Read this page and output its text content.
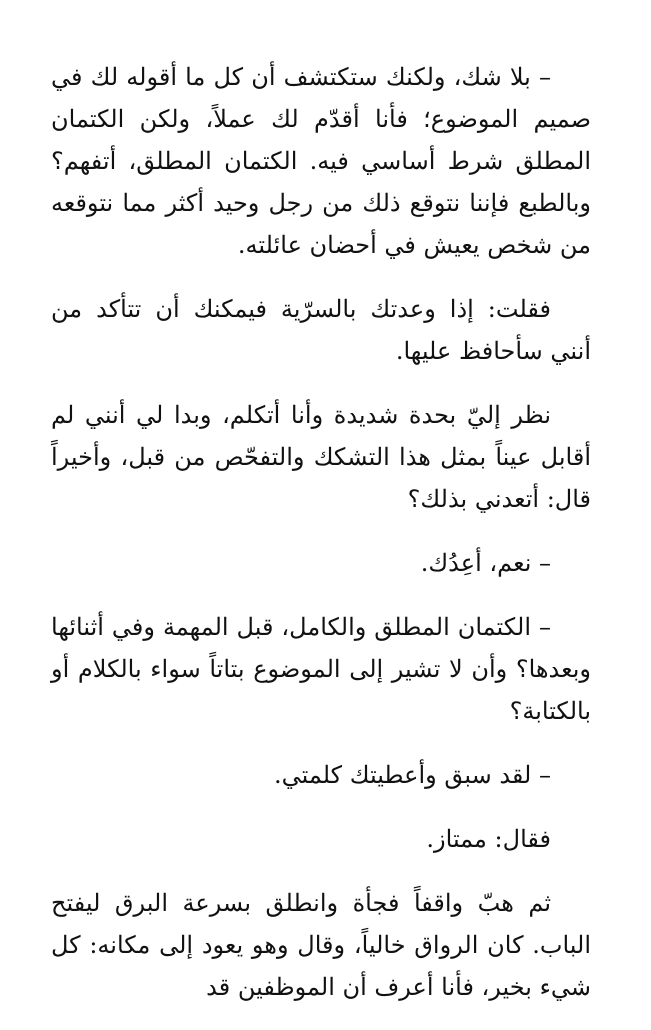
– بلا شك، ولكنك ستكتشف أن كل ما أقوله لك في صميم الموضوع؛ فأنا أقدّم لك عملاً، ولكن الكتمان المطلق شرط أساسي فيه. الكتمان المطلق، أتفهم؟ وبالطبع فإننا نتوقع ذلك من رجل وحيد أكثر مما نتوقعه من شخص يعيش في أحضان عائلته.

فقلت: إذا وعدتك بالسرّية فيمكنك أن تتأكد من أنني سأحافظ عليها.

نظر إليّ بحدة شديدة وأنا أتكلم، وبدا لي أنني لم أقابل عيناً بمثل هذا التشكك والتفحّص من قبل، وأخيراً قال: أتعدني بذلك؟

– نعم، أعِدُك.

– الكتمان المطلق والكامل، قبل المهمة وفي أثنائها وبعدها؟ وأن لا تشير إلى الموضوع بتاتاً سواء بالكلام أو بالكتابة؟

– لقد سبق وأعطيتك كلمتي.

فقال: ممتاز.

ثم هبّ واقفاً فجأة وانطلق بسرعة البرق ليفتح الباب. كان الرواق خالياً، وقال وهو يعود إلى مكانه: كل شيء بخير، فأنا أعرف أن الموظفين قد
